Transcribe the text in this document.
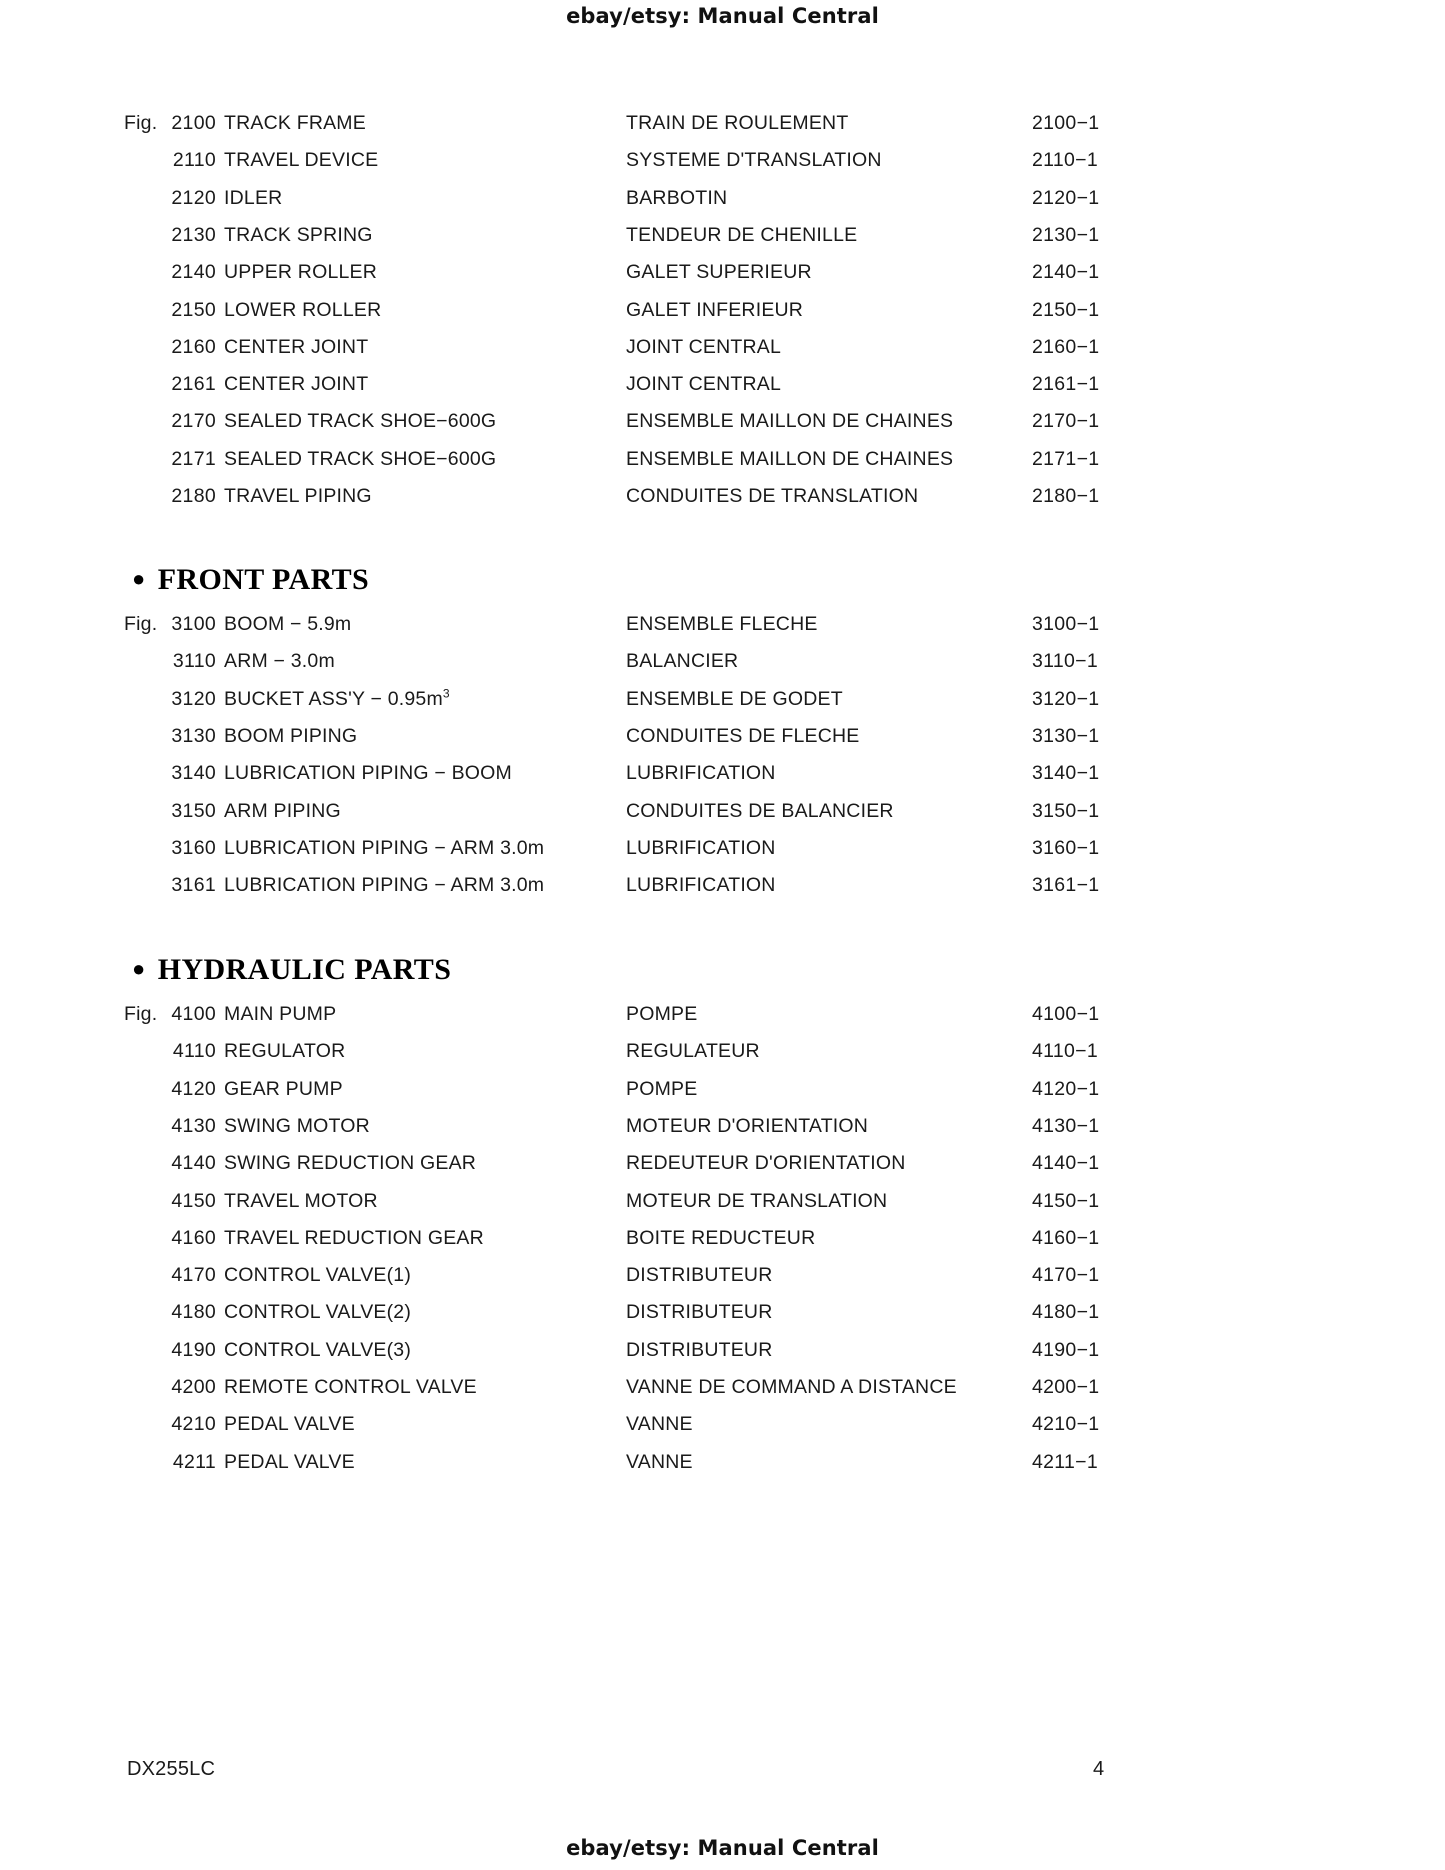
ebay/etsy: Manual Central
Fig. 2100 TRACK FRAME	TRAIN DE ROULEMENT	2100−1
2110 TRAVEL DEVICE	SYSTEME D'TRANSLATION	2110−1
2120 IDLER	BARBOTIN	2120−1
2130 TRACK SPRING	TENDEUR DE CHENILLE	2130−1
2140 UPPER ROLLER	GALET SUPERIEUR	2140−1
2150 LOWER ROLLER	GALET INFERIEUR	2150−1
2160 CENTER JOINT	JOINT CENTRAL	2160−1
2161 CENTER JOINT	JOINT CENTRAL	2161−1
2170 SEALED TRACK SHOE−600G	ENSEMBLE MAILLON DE CHAINES	2170−1
2171 SEALED TRACK SHOE−600G	ENSEMBLE MAILLON DE CHAINES	2171−1
2180 TRAVEL PIPING	CONDUITES DE TRANSLATION	2180−1
● FRONT PARTS
Fig. 3100 BOOM − 5.9m	ENSEMBLE FLECHE	3100−1
3110 ARM − 3.0m	BALANCIER	3110−1
3120 BUCKET $ASS'Y - 0.95m^3$	ENSEMBLE DE GODET	3120−1
3130 BOOM PIPING	CONDUITES DE FLECHE	3130−1
3140 LUBRICATION PIPING − BOOM	LUBRIFICATION	3140−1
3150 ARM PIPING	CONDUITES DE BALANCIER	3150−1
3160 LUBRICATION PIPING − ARM 3.0m	LUBRIFICATION	3160−1
3161 LUBRICATION PIPING − ARM 3.0m	LUBRIFICATION	3161−1
● HYDRAULIC PARTS
Fig. 4100 MAIN PUMP	POMPE	4100−1
4110 REGULATOR	REGULATEUR	4110−1
4120 GEAR PUMP	POMPE	4120−1
4130 SWING MOTOR	MOTEUR D'ORIENTATION	4130−1
4140 SWING REDUCTION GEAR	REDEUTEUR D'ORIENTATION	4140−1
4150 TRAVEL MOTOR	MOTEUR DE TRANSLATION	4150−1
4160 TRAVEL REDUCTION GEAR	BOITE REDUCTEUR	4160−1
4170 CONTROL VALVE(1)	DISTRIBUTEUR	4170−1
4180 CONTROL VALVE(2)	DISTRIBUTEUR	4180−1
4190 CONTROL VALVE(3)	DISTRIBUTEUR	4190−1
4200 REMOTE CONTROL VALVE	VANNE DE COMMAND A DISTANCE	4200−1
4210 PEDAL VALVE	VANNE	4210−1
4211 PEDAL VALVE	VANNE	4211−1
DX255LC	4
ebay/etsy: Manual Central
